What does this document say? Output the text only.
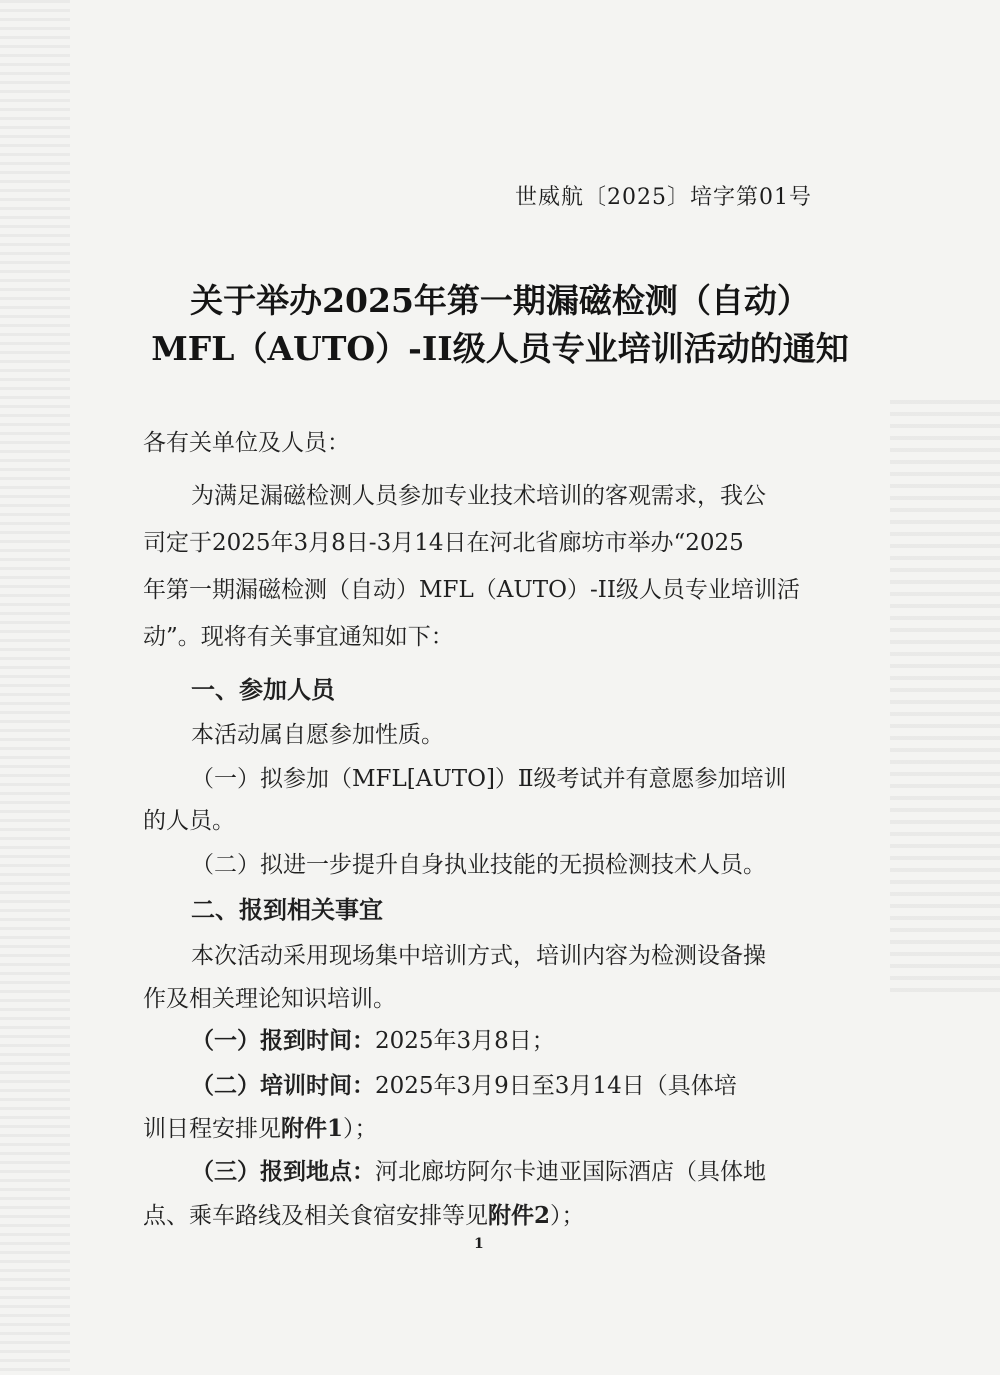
世威航〔2025〕培字第01号
关于举办2025年第一期漏磁检测（自动）
MFL（AUTO）-II级人员专业培训活动的通知
各有关单位及人员：
为满足漏磁检测人员参加专业技术培训的客观需求，我公
司定于2025年3月8日-3月14日在河北省廊坊市举办“2025
年第一期漏磁检测（自动）MFL（AUTO）-II级人员专业培训活
动”。现将有关事宜通知如下：
一、参加人员
本活动属自愿参加性质。
（一）拟参加（MFL[AUTO]）Ⅱ级考试并有意愿参加培训
的人员。
（二）拟进一步提升自身执业技能的无损检测技术人员。
二、报到相关事宜
本次活动采用现场集中培训方式，培训内容为检测设备操
作及相关理论知识培训。
（一）报到时间：2025年3月8日；
（二）培训时间：2025年3月9日至3月14日（具体培
训日程安排见附件1）；
（三）报到地点：河北廊坊阿尔卡迪亚国际酒店（具体地
点、乘车路线及相关食宿安排等见附件2）；
1
